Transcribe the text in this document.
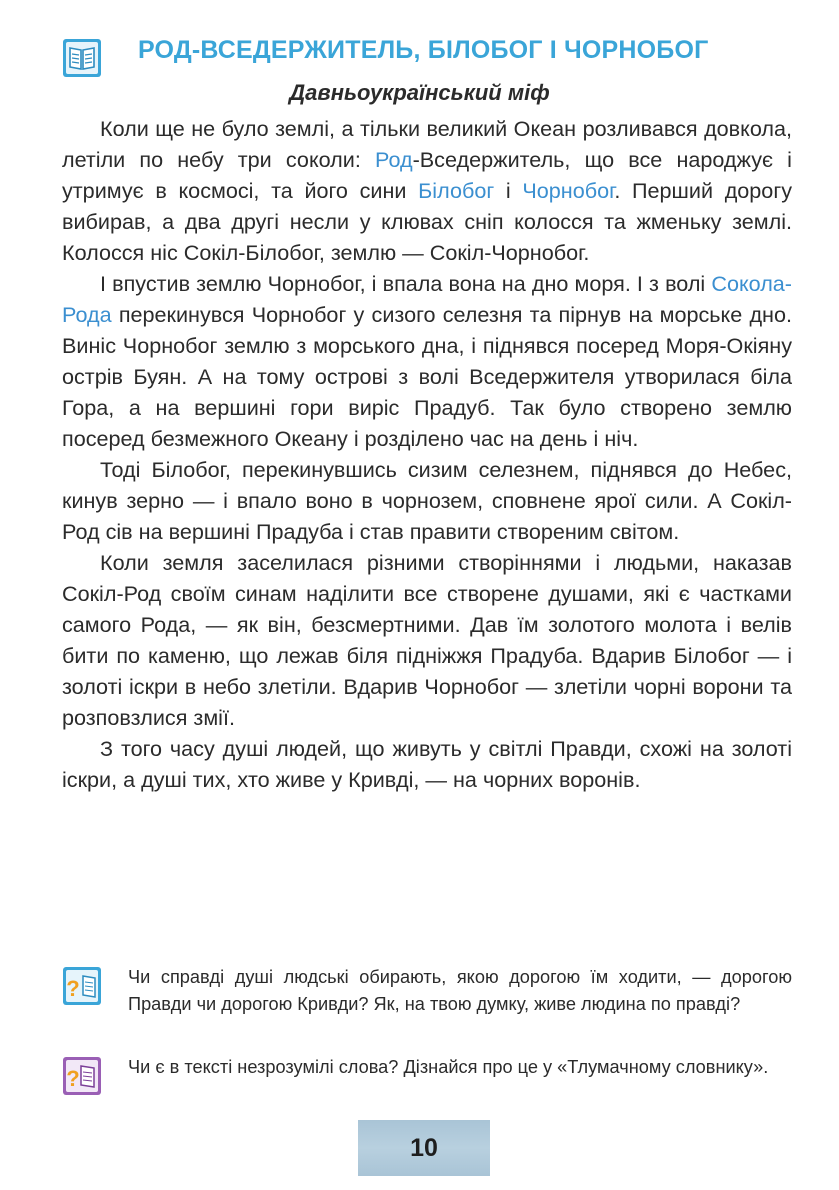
РОД-ВСЕДЕРЖИТЕЛЬ, БІЛОБОГ І ЧОРНОБОГ

Давньоукраїнський міф

Коли ще не було землі, а тільки великий Океан розливався довкола, летіли по небу три соколи: Род-Вседержитель, що все народжує і утримує в космосі, та його сини Білобог і Чорнобог. Перший дорогу вибирав, а два другі несли у клювах сніп колосся та жменьку землі. Колосся ніс Сокіл-Білобог, землю — Сокіл-Чорнобог.

І впустив землю Чорнобог, і впала вона на дно моря. І з волі Сокола-Рода перекинувся Чорнобог у сизого селезня та пірнув на морське дно. Виніс Чорнобог землю з морського дна, і піднявся посеред Моря-Окіяну острів Буян. А на тому острові з волі Вседержителя утворилася біла Гора, а на вершині гори виріс Прадуб. Так було створено землю посеред безмежного Океану і розділено час на день і ніч.

Тоді Білобог, перекинувшись сизим селезнем, піднявся до Небес, кинув зерно — і впало воно в чорнозем, сповнене ярої сили. А Сокіл-Род сів на вершині Прадуба і став правити створеним світом.

Коли земля заселилася різними створіннями і людьми, наказав Сокіл-Род своїм синам наділити все створене душами, які є частками самого Рода, — як він, безсмертними. Дав їм золотого молота і велів бити по каменю, що лежав біля підніжжя Прадуба. Вдарив Білобог — і золоті іскри в небо злетіли. Вдарив Чорнобог — злетіли чорні ворони та розповзлися змії.

З того часу душі людей, що живуть у світлі Правди, схожі на золоті іскри, а душі тих, хто живе у Кривді, — на чорних воронів.

?	Чи справді душі людські обирають, якою дорогою їм ходити, — дорогою Правди чи дорогою Кривди? Як, на твою думку, живе людина по правді?

?	Чи є в тексті незрозумілі слова? Дізнайся про це у «Тлумачному словнику».

10
